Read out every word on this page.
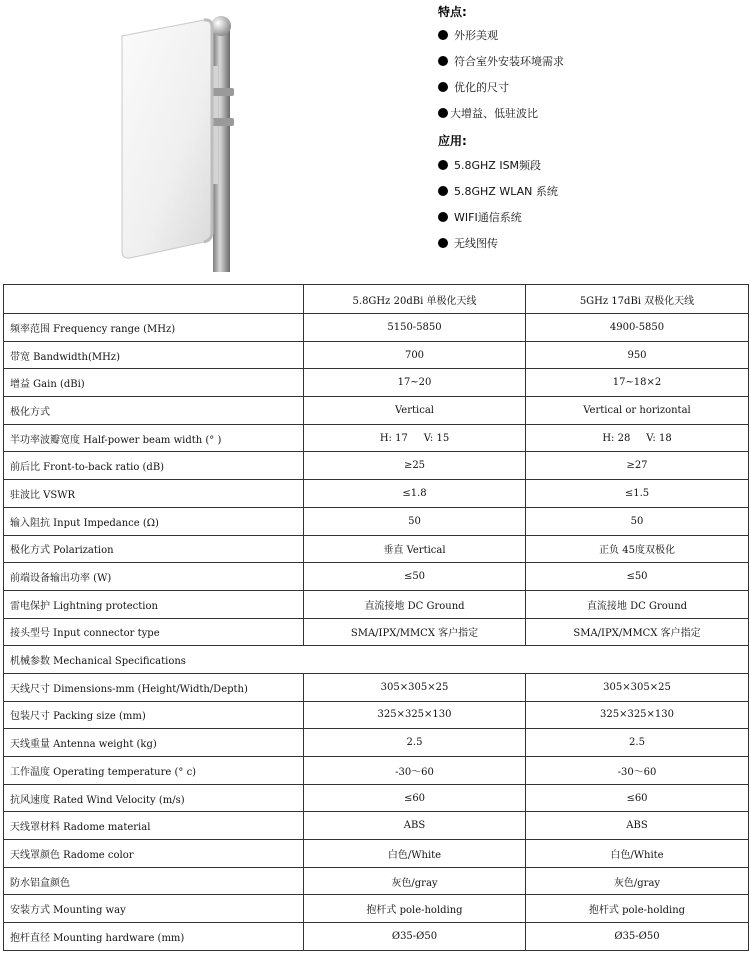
特点:
外形美观
符合室外安装环境需求
优化的尺寸
大增益、低驻波比
应用:
5.8GHZ ISM频段
5.8GHZ WLAN 系统
WIFI通信系统
无线图传
	5.8GHz 20dBi 单极化天线	5GHz 17dBi 双极化天线
频率范围 Frequency range (MHz)	5150-5850	4900-5850
带宽 Bandwidth(MHz)	700	950
增益 Gain (dBi)	17~20	17~18×2
极化方式	Vertical	Vertical or horizontal
半功率波瓣宽度 Half-power beam width (° )	H: 17     V: 15	H: 28     V: 18
前后比 Front-to-back ratio (dB)	≥25	≥27
驻波比 VSWR	≤1.8	≤1.5
输入阻抗 Input Impedance (Ω)	50	50
极化方式 Polarization	垂直 Vertical	正负 45度双极化
前端设备输出功率 (W)	≤50	≤50
雷电保护 Lightning protection	直流接地 DC Ground	直流接地 DC Ground
接头型号 Input connector type	SMA/IPX/MMCX 客户指定	SMA/IPX/MMCX 客户指定
机械参数 Mechanical Specifications		
天线尺寸 Dimensions-mm (Height/Width/Depth)	305×305×25	305×305×25
包装尺寸 Packing size (mm)	325×325×130	325×325×130
天线重量 Antenna weight (kg)	2.5	2.5
工作温度 Operating temperature (° c)	-30～60	-30～60
抗风速度 Rated Wind Velocity (m/s)	≤60	≤60
天线罩材料 Radome material	ABS	ABS
天线罩颜色 Radome color	白色/White	白色/White
防水铝盒颜色	灰色/gray	灰色/gray
安装方式 Mounting way	抱杆式 pole-holding	抱杆式 pole-holding
抱杆直径 Mounting hardware (mm)	Ø35-Ø50	Ø35-Ø50
